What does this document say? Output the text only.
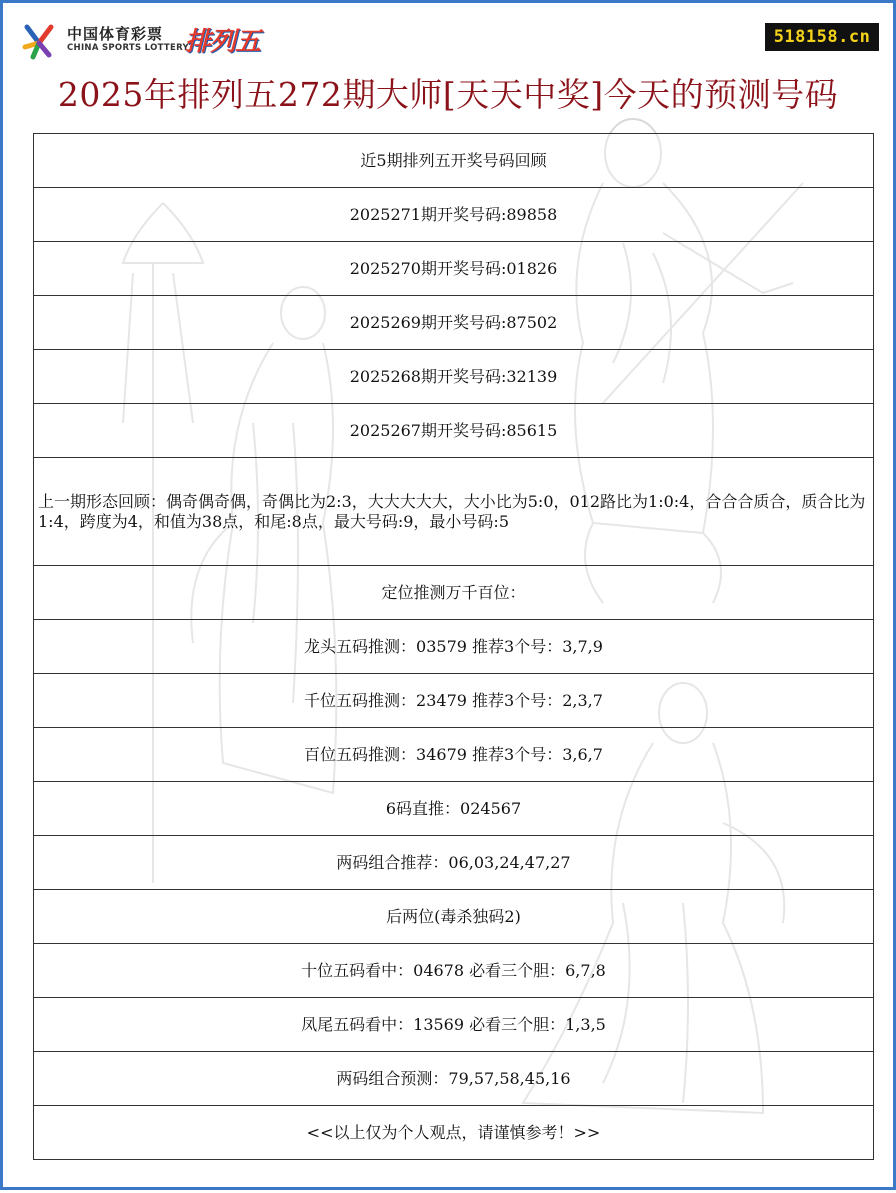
中国体育彩票
CHINA SPORTS LOTTERY
排列五	518158.cn
2025年排列五272期大师[天天中奖]今天的预测号码
近5期排列五开奖号码回顾
2025271期开奖号码:89858
2025270期开奖号码:01826
2025269期开奖号码:87502
2025268期开奖号码:32139
2025267期开奖号码:85615
上一期形态回顾：偶奇偶奇偶，奇偶比为2:3，大大大大大，大小比为5:0，012路比为1:0:4，合合合质合，质合比为1:4，跨度为4，和值为38点，和尾:8点，最大号码:9，最小号码:5
定位推测万千百位：
龙头五码推测：03579 推荐3个号：3,7,9
千位五码推测：23479 推荐3个号：2,3,7
百位五码推测：34679 推荐3个号：3,6,7
6码直推：024567
两码组合推荐：06,03,24,47,27
后两位(毒杀独码2)
十位五码看中：04678 必看三个胆：6,7,8
凤尾五码看中：13569 必看三个胆：1,3,5
两码组合预测：79,57,58,45,16
<<以上仅为个人观点，请谨慎参考！>>
